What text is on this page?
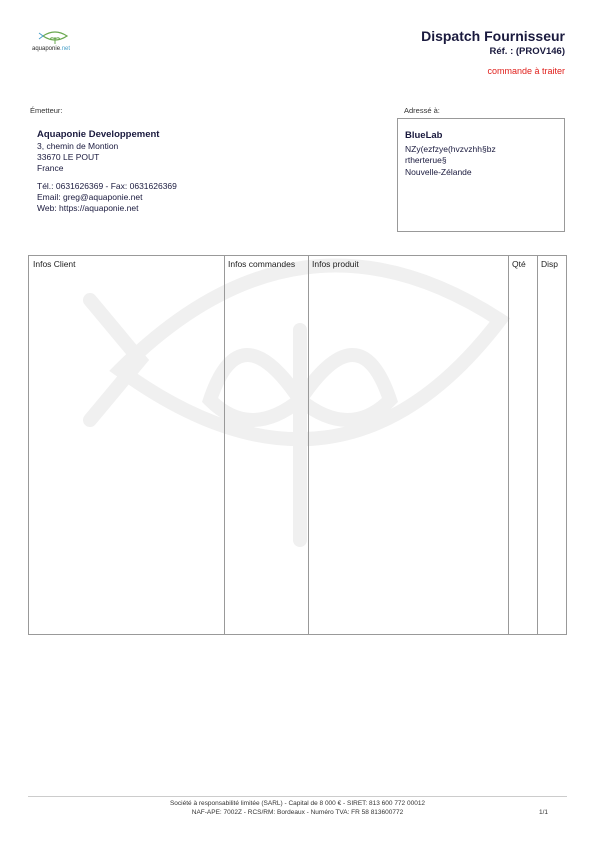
aquaponie.net
Dispatch Fournisseur
Réf. : (PROV146)
commande à traiter
Émetteur:
Aquaponie Developpement
3, chemin de Montion
33670 LE POUT
France
Tél.: 0631626369 - Fax: 0631626369
Email: greg@aquaponie.net
Web: https://aquaponie.net
Adressé à:
BlueLab
NZy(ezfzye(hvzvzhh§bz
rtherterue§
Nouvelle-Zélande
Infos Client	Infos commandes	Infos produit	Qté	Disp
Société à responsabilité limitée (SARL) - Capital de 8 000 € - SIRET: 813 600 772 00012
NAF-APE: 7002Z - RCS/RM: Bordeaux - Numéro TVA: FR 58 813600772	1/1
